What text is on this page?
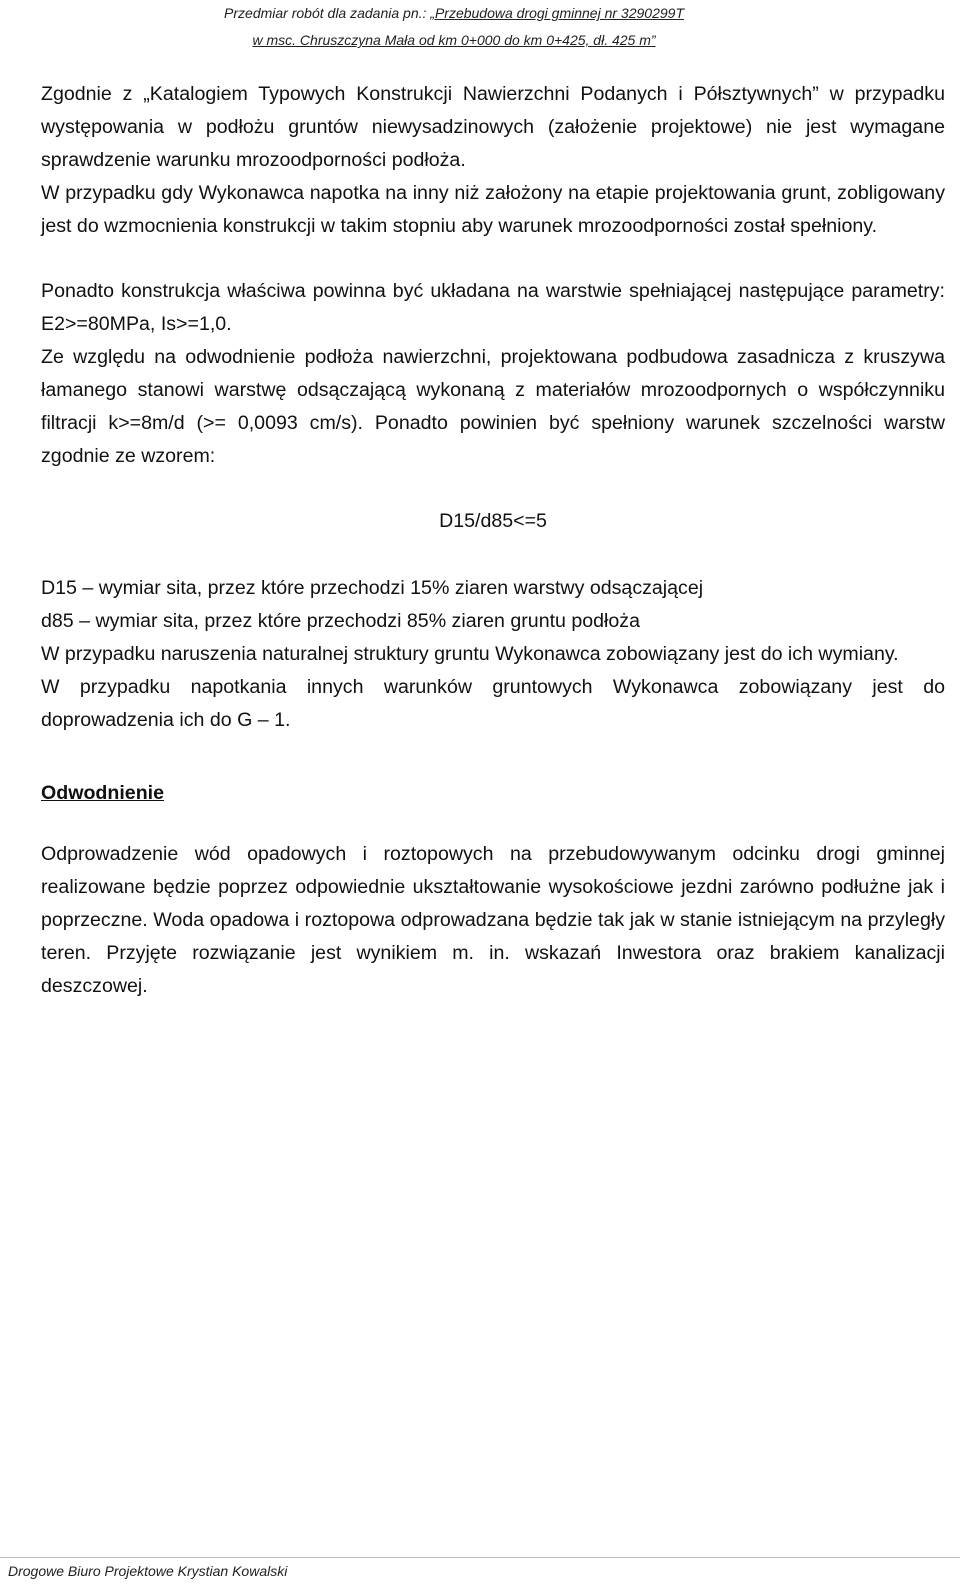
Przedmiar robót dla zadania pn.: „Przebudowa drogi gminnej nr 3290299T
w msc. Chruszczyna Mała od km 0+000 do km 0+425, dł. 425 m”

Zgodnie z „Katalogiem Typowych Konstrukcji Nawierzchni Podanych i Półsztywnych” w przypadku występowania w podłożu gruntów niewysadzinowych (założenie projektowe) nie jest wymagane sprawdzenie warunku mrozoodporności podłoża.

W przypadku gdy Wykonawca napotka na inny niż założony na etapie projektowania grunt, zobligowany jest do wzmocnienia konstrukcji w takim stopniu aby warunek mrozoodporności został spełniony.

Ponadto konstrukcja właściwa powinna być układana na warstwie spełniającej następujące parametry: E2>=80MPa, Is>=1,0.

Ze względu na odwodnienie podłoża nawierzchni, projektowana podbudowa zasadnicza z kruszywa łamanego stanowi warstwę odsączającą wykonaną z materiałów mrozoodpornych o współczynniku filtracji k>=8m/d (>= 0,0093 cm/s). Ponadto powinien być spełniony warunek szczelności warstw zgodnie ze wzorem:

D15/d85<=5

D15 – wymiar sita, przez które przechodzi 15% ziaren warstwy odsączającej

d85 – wymiar sita, przez które przechodzi 85% ziaren gruntu podłoża

W przypadku naruszenia naturalnej struktury gruntu Wykonawca zobowiązany jest do ich wymiany.

W przypadku napotkania innych warunków gruntowych Wykonawca zobowiązany jest do doprowadzenia ich do G – 1.

Odwodnienie

Odprowadzenie wód opadowych i roztopowych na przebudowywanym odcinku drogi gminnej realizowane będzie poprzez odpowiednie ukształtowanie wysokościowe jezdni zarówno podłużne jak i poprzeczne. Woda opadowa i roztopowa odprowadzana będzie tak jak w stanie istniejącym na przyległy teren. Przyjęte rozwiązanie jest wynikiem m. in. wskazań Inwestora oraz brakiem kanalizacji deszczowej.

Drogowe Biuro Projektowe Krystian Kowalski
